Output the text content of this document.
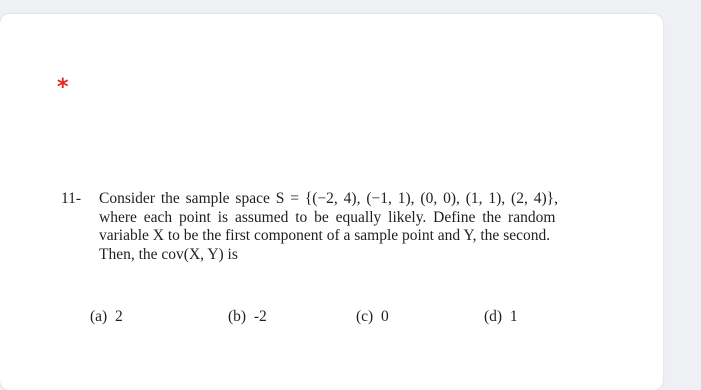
*
11- Consider the sample space S = {(−2, 4), (−1, 1), (0, 0), (1, 1), (2, 4)},
where each point is assumed to be equally likely. Define the random
variable X to be the first component of a sample point and Y, the second.
Then, the cov(X, Y) is
(a) 2	(b) -2	(c) 0	(d) 1
